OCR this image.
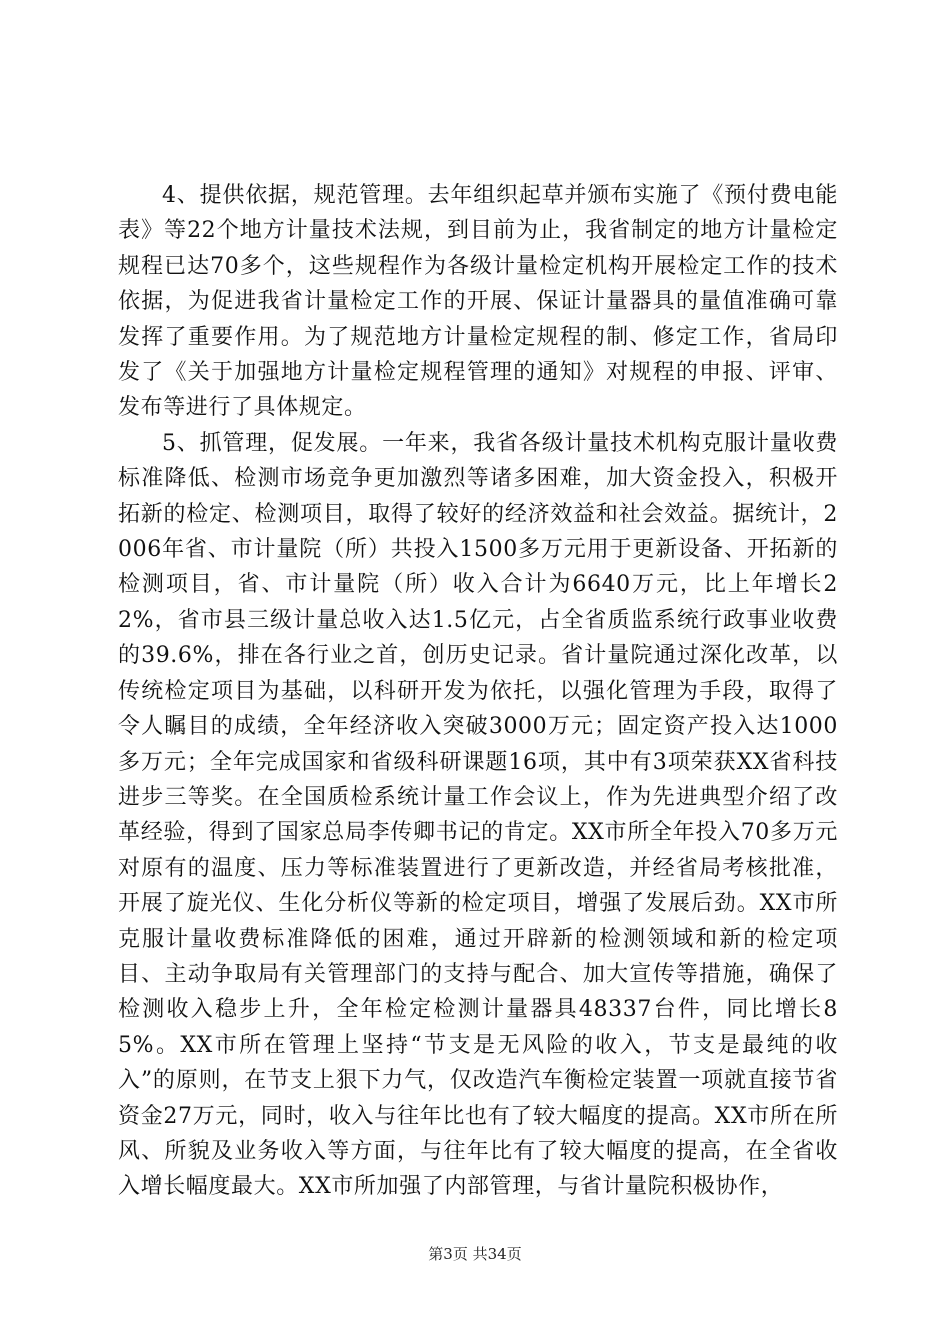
4、提供依据，规范管理。去年组织起草并颁布实施了《预付费电能表》等22个地方计量技术法规，到目前为止，我省制定的地方计量检定规程已达70多个，这些规程作为各级计量检定机构开展检定工作的技术依据，为促进我省计量检定工作的开展、保证计量器具的量值准确可靠发挥了重要作用。为了规范地方计量检定规程的制、修定工作，省局印发了《关于加强地方计量检定规程管理的通知》对规程的申报、评审、发布等进行了具体规定。

5、抓管理，促发展。一年来，我省各级计量技术机构克服计量收费标准降低、检测市场竞争更加激烈等诸多困难，加大资金投入，积极开拓新的检定、检测项目，取得了较好的经济效益和社会效益。据统计，2006年省、市计量院（所）共投入1500多万元用于更新设备、开拓新的检测项目，省、市计量院（所）收入合计为6640万元，比上年增长22%，省市县三级计量总收入达1.5亿元，占全省质监系统行政事业收费的39.6%，排在各行业之首，创历史记录。省计量院通过深化改革，以传统检定项目为基础，以科研开发为依托，以强化管理为手段，取得了令人瞩目的成绩，全年经济收入突破3000万元；固定资产投入达1000多万元；全年完成国家和省级科研课题16项，其中有3项荣获XX省科技进步三等奖。在全国质检系统计量工作会议上，作为先进典型介绍了改革经验，得到了国家总局李传卿书记的肯定。XX市所全年投入70多万元对原有的温度、压力等标准装置进行了更新改造，并经省局考核批准，开展了旋光仪、生化分析仪等新的检定项目，增强了发展后劲。XX市所克服计量收费标准降低的困难，通过开辟新的检测领域和新的检定项目、主动争取局有关管理部门的支持与配合、加大宣传等措施，确保了检测收入稳步上升，全年检定检测计量器具48337台件，同比增长85%。XX市所在管理上坚持“节支是无风险的收入，节支是最纯的收入”的原则，在节支上狠下力气，仅改造汽车衡检定装置一项就直接节省资金27万元，同时，收入与往年比也有了较大幅度的提高。XX市所在所风、所貌及业务收入等方面，与往年比有了较大幅度的提高，在全省收入增长幅度最大。XX市所加强了内部管理，与省计量院积极协作，

第3页 共34页
